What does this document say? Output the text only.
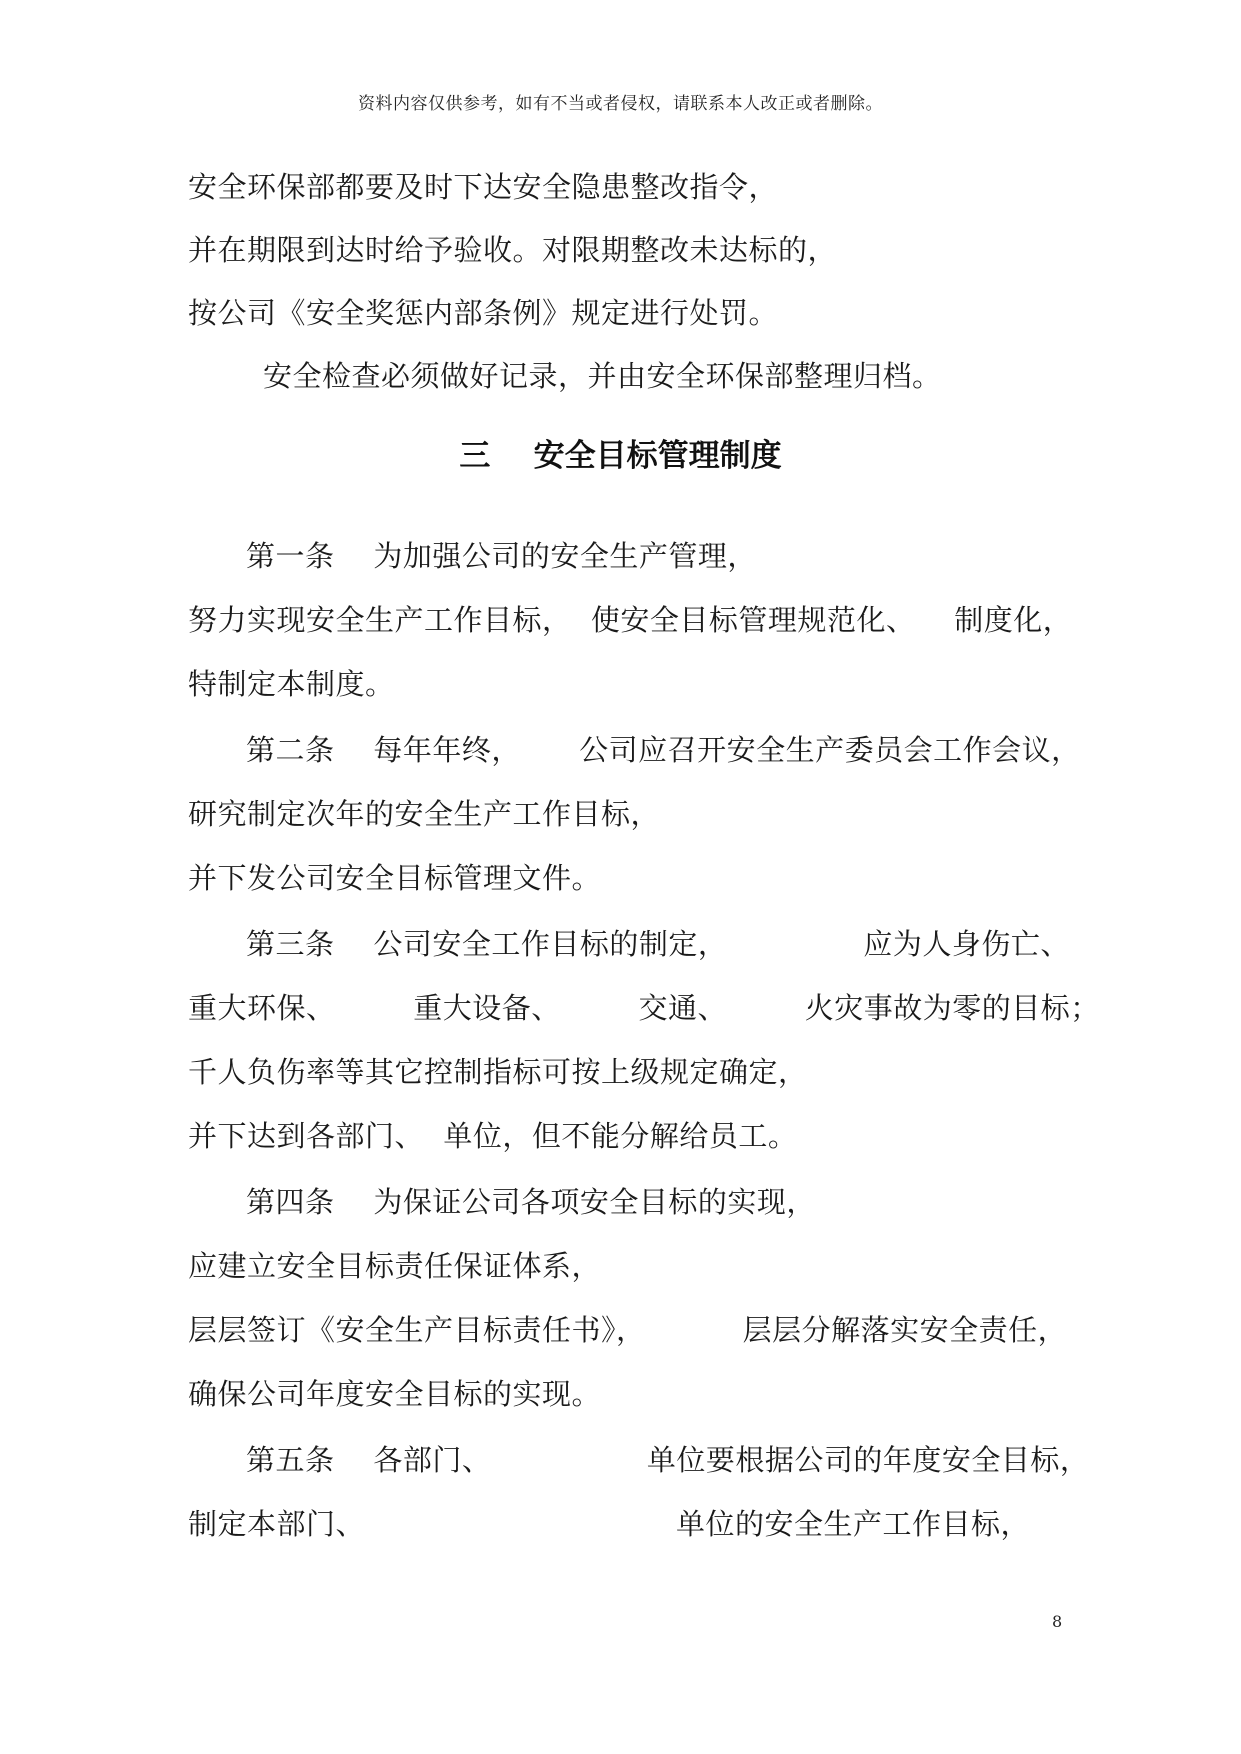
资料内容仅供参考，如有不当或者侵权，请联系本人改正或者删除。
安全环保部都要及时下达安全隐患整改指令，
并在期限到达时给予验收。对限期整改未达标的，
按公司《安全奖惩内部条例》规定进行处罚。
安全检查必须做好记录，并由安全环保部整理归档。
三    安全目标管理制度
第一条    为加强公司的安全生产管理，
努力实现安全生产工作目标，  使安全目标管理规范化、    制度化，
特制定本制度。
第二条    每年年终，      公司应召开安全生产委员会工作会议，
研究制定次年的安全生产工作目标，
并下发公司安全目标管理文件。
第三条    公司安全工作目标的制定，              应为人身伤亡、
重大环保、        重大设备、        交通、        火灾事故为零的目标；
千人负伤率等其它控制指标可按上级规定确定，
并下达到各部门、  单位，但不能分解给员工。
第四条    为保证公司各项安全目标的实现，
应建立安全目标责任保证体系，
层层签订《安全生产目标责任书》，          层层分解落实安全责任，
确保公司年度安全目标的实现。
第五条    各部门、                单位要根据公司的年度安全目标，
制定本部门、                                单位的安全生产工作目标，
8
